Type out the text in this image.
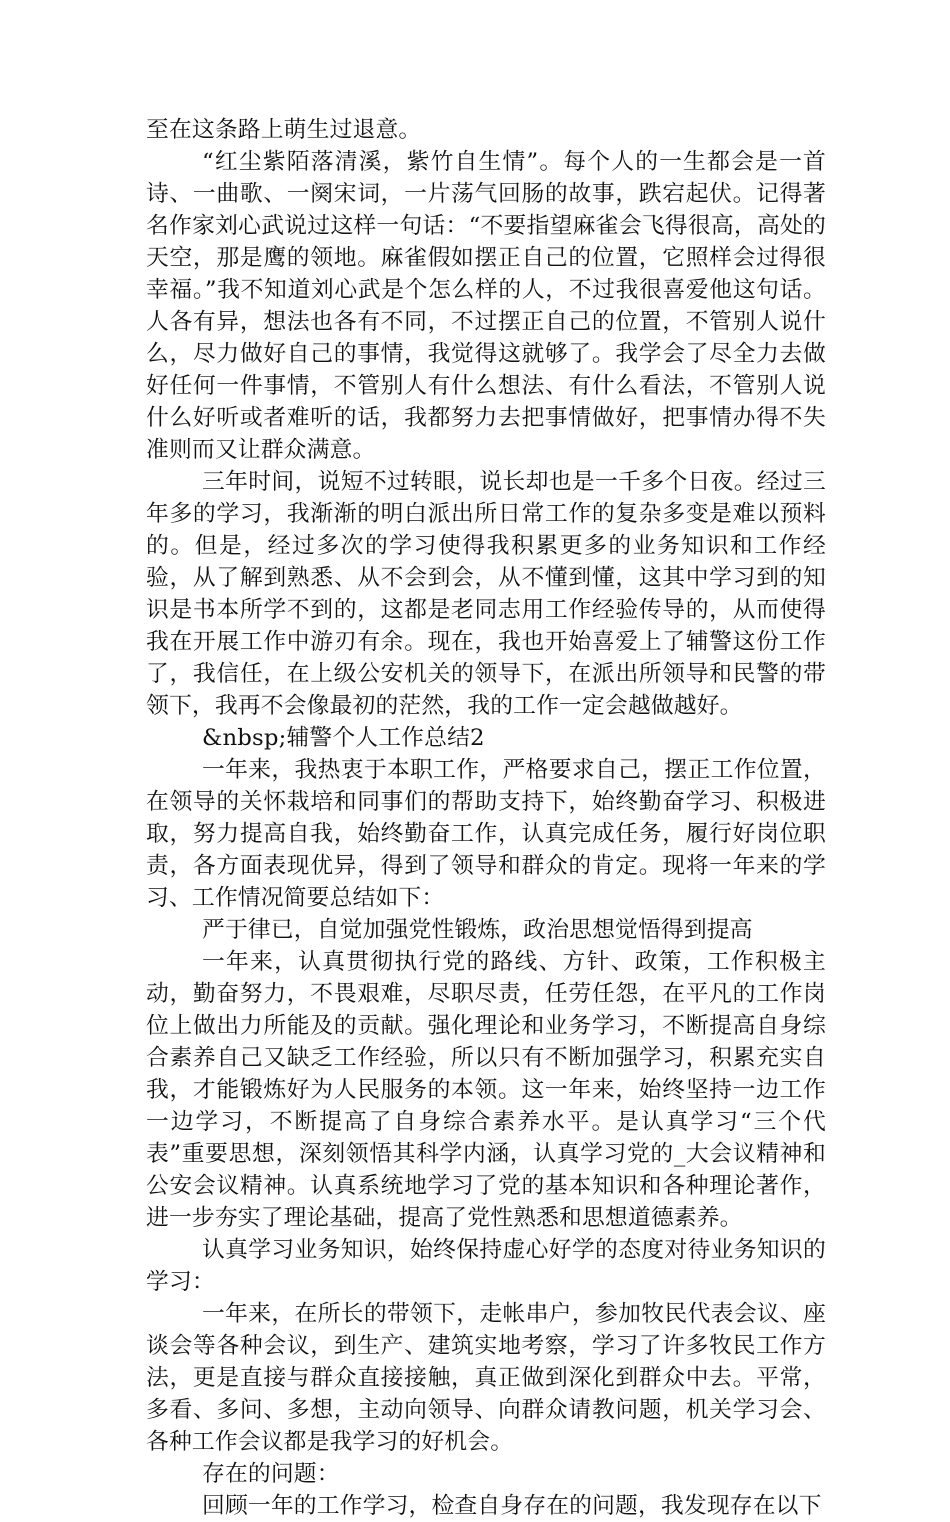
至在这条路上萌生过退意。

“红尘紫陌落清溪，紫竹自生情”。每个人的一生都会是一首诗、一曲歌、一阕宋词，一片荡气回肠的故事，跌宕起伏。记得著名作家刘心武说过这样一句话：“不要指望麻雀会飞得很高，高处的天空，那是鹰的领地。麻雀假如摆正自己的位置，它照样会过得很幸福。”我不知道刘心武是个怎么样的人，不过我很喜爱他这句话。人各有异，想法也各有不同，不过摆正自己的位置，不管别人说什么，尽力做好自己的事情，我觉得这就够了。我学会了尽全力去做好任何一件事情，不管别人有什么想法、有什么看法，不管别人说什么好听或者难听的话，我都努力去把事情做好，把事情办得不失准则而又让群众满意。

三年时间，说短不过转眼，说长却也是一千多个日夜。经过三年多的学习，我渐渐的明白派出所日常工作的复杂多变是难以预料的。但是，经过多次的学习使得我积累更多的业务知识和工作经验，从了解到熟悉、从不会到会，从不懂到懂，这其中学习到的知识是书本所学不到的，这都是老同志用工作经验传导的，从而使得我在开展工作中游刃有余。现在，我也开始喜爱上了辅警这份工作了，我信任，在上级公安机关的领导下，在派出所领导和民警的带领下，我再不会像最初的茫然，我的工作一定会越做越好。

&nbsp;辅警个人工作总结2

一年来，我热衷于本职工作，严格要求自己，摆正工作位置，在领导的关怀栽培和同事们的帮助支持下，始终勤奋学习、积极进取，努力提高自我，始终勤奋工作，认真完成任务，履行好岗位职责，各方面表现优异，得到了领导和群众的肯定。现将一年来的学习、工作情况简要总结如下：

严于律已，自觉加强党性锻炼，政治思想觉悟得到提高

一年来，认真贯彻执行党的路线、方针、政策，工作积极主动，勤奋努力，不畏艰难，尽职尽责，任劳任怨，在平凡的工作岗位上做出力所能及的贡献。强化理论和业务学习，不断提高自身综合素养自己又缺乏工作经验，所以只有不断加强学习，积累充实自我，才能锻炼好为人民服务的本领。这一年来，始终坚持一边工作一边学习，不断提高了自身综合素养水平。是认真学习“三个代表”重要思想，深刻领悟其科学内涵，认真学习党的_大会议精神和公安会议精神。认真系统地学习了党的基本知识和各种理论著作，进一步夯实了理论基础，提高了党性熟悉和思想道德素养。

认真学习业务知识，始终保持虚心好学的态度对待业务知识的学习：

一年来，在所长的带领下，走帐串户，参加牧民代表会议、座谈会等各种会议，到生产、建筑实地考察，学习了许多牧民工作方法，更是直接与群众直接接触，真正做到深化到群众中去。平常，多看、多问、多想，主动向领导、向群众请教问题，机关学习会、各种工作会议都是我学习的好机会。

存在的问题：

回顾一年的工作学习，检查自身存在的问题，我发现存在以下
